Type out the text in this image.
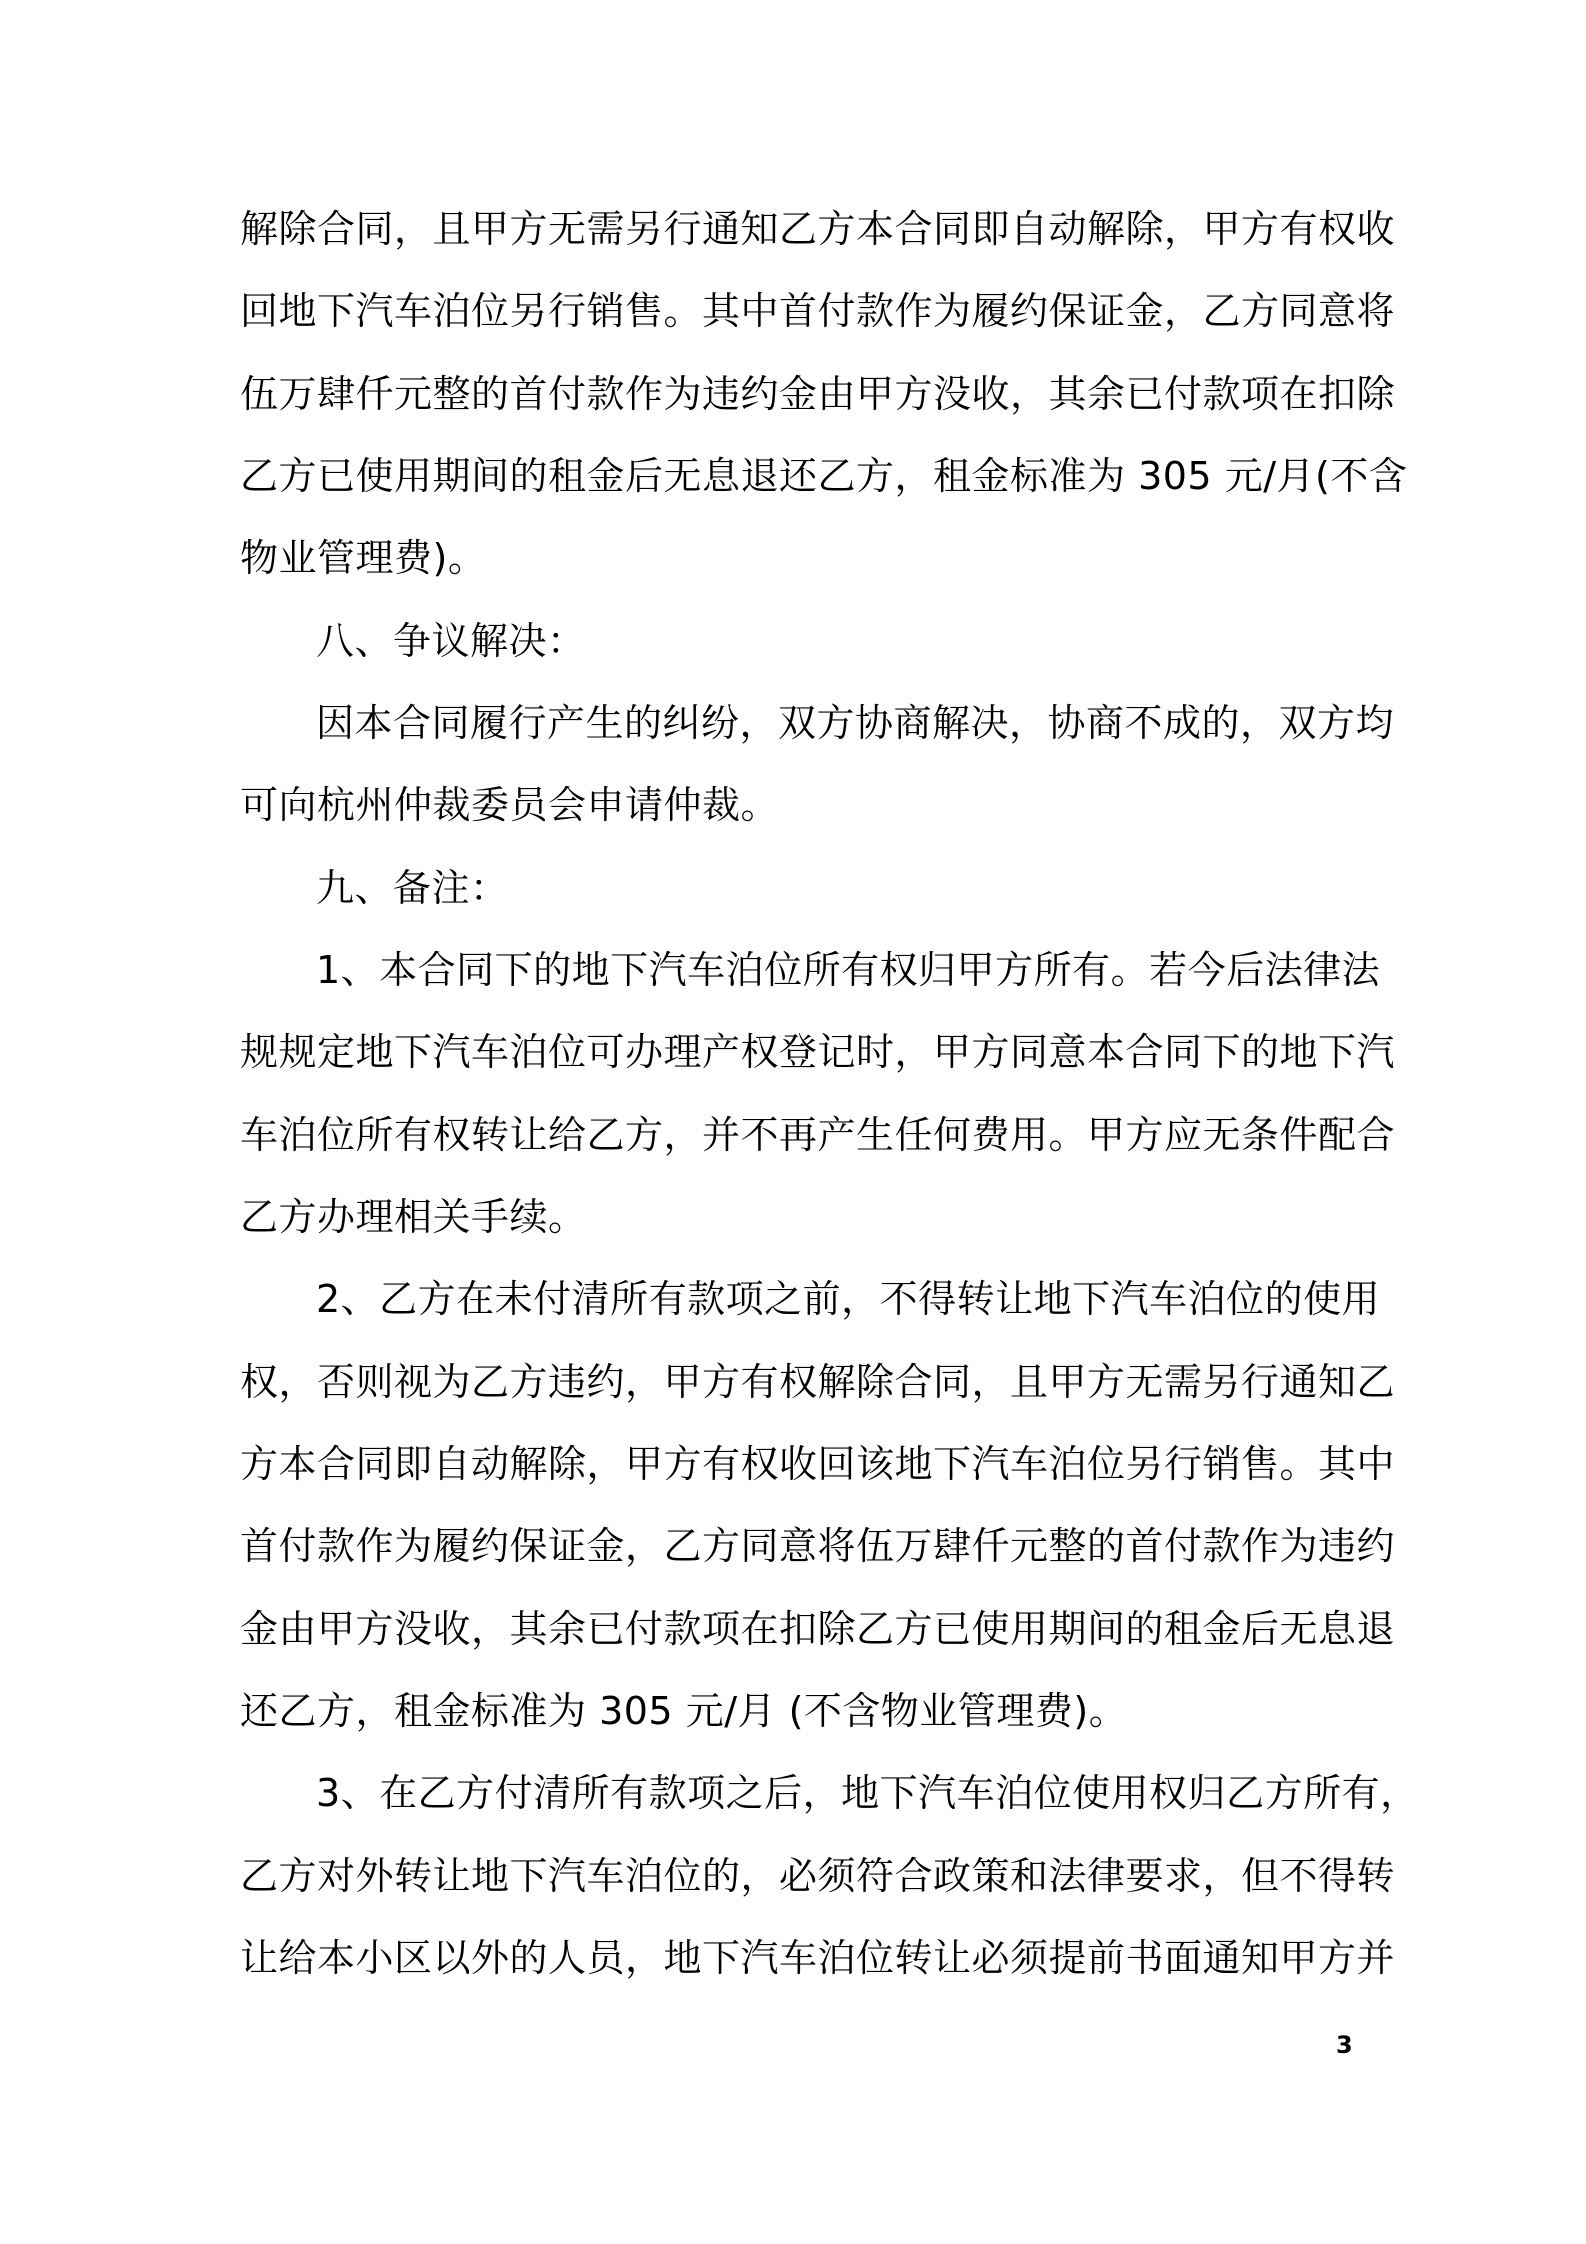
解除合同，且甲方无需另行通知乙方本合同即自动解除，甲方有权收
回地下汽车泊位另行销售。其中首付款作为履约保证金，乙方同意将
伍万肆仟元整的首付款作为违约金由甲方没收，其余已付款项在扣除
乙方已使用期间的租金后无息退还乙方，租金标准为 305 元/月(不含
物业管理费)。
八、争议解决：
因本合同履行产生的纠纷，双方协商解决，协商不成的，双方均
可向杭州仲裁委员会申请仲裁。
九、备注：
1、本合同下的地下汽车泊位所有权归甲方所有。若今后法律法
规规定地下汽车泊位可办理产权登记时，甲方同意本合同下的地下汽
车泊位所有权转让给乙方，并不再产生任何费用。甲方应无条件配合
乙方办理相关手续。
2、乙方在未付清所有款项之前，不得转让地下汽车泊位的使用
权，否则视为乙方违约，甲方有权解除合同，且甲方无需另行通知乙
方本合同即自动解除，甲方有权收回该地下汽车泊位另行销售。其中
首付款作为履约保证金，乙方同意将伍万肆仟元整的首付款作为违约
金由甲方没收，其余已付款项在扣除乙方已使用期间的租金后无息退
还乙方，租金标准为 305 元/月 (不含物业管理费)。
3、在乙方付清所有款项之后，地下汽车泊位使用权归乙方所有，
乙方对外转让地下汽车泊位的，必须符合政策和法律要求，但不得转
让给本小区以外的人员，地下汽车泊位转让必须提前书面通知甲方并
3
